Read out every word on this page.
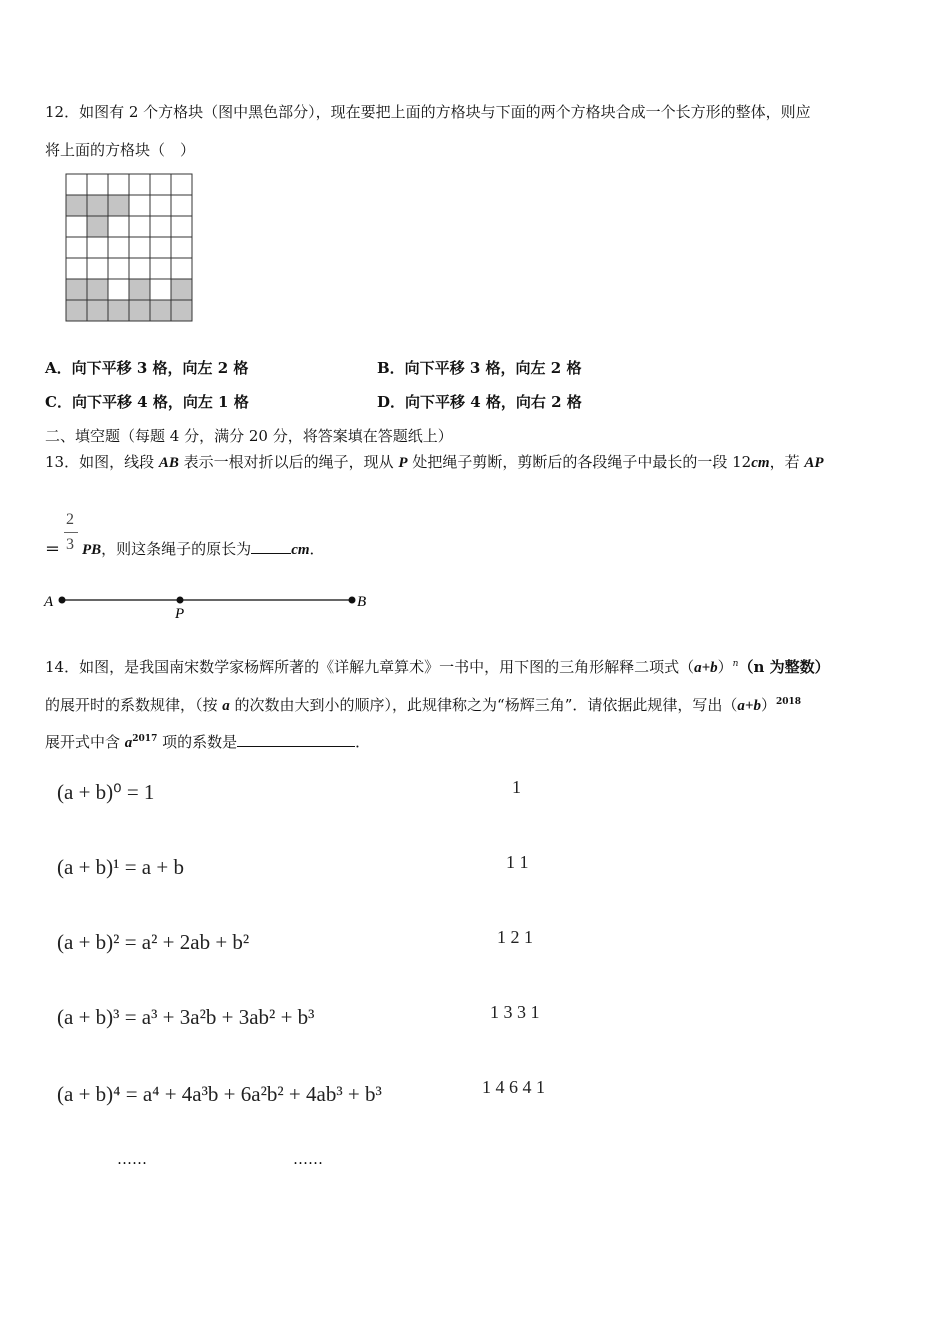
12．如图有 2 个方格块（图中黑色部分），现在要把上面的方格块与下面的两个方格块合成一个长方形的整体，则应
将上面的方格块（　）
A．向下平移 3 格，向左 2 格	B．向下平移 3 格，向左 2 格
C．向下平移 4 格，向左 1 格	D．向下平移 4 格，向右 2 格
二、填空题（每题 4 分，满分 20 分，将答案填在答题纸上）
13．如图，线段 AB 表示一根对折以后的绳子，现从 P 处把绳子剪断，剪断后的各段绳子中最长的一段 12cm，若 AP
2
3
＝ PB，则这条绳子的原长为	cm．
A
P
B
14．如图，是我国南宋数学家杨辉所著的《详解九章算术》一书中，用下图的三角形解释二项式$(a+b)^n(n$ 为整数）
的展开时的系数规律，（按 a 的次数由大到小的顺序），此规律称之为“杨辉三角”．请依据此规律，写出$(a+b)^{2018}$
展开式中含 $a^{2017}$ 项的系数是	．
(a + b)⁰ = 1
(a + b)¹ = a + b
(a + b)² = a² + 2ab + b²
(a + b)³ = a³ + 3a²b + 3ab² + b³
(a + b)⁴ = a⁴ + 4a³b + 6a²b² + 4ab³ + b³
1
1 1
1 2 1
1 3 3 1
1 4 6 4 1
……	……
